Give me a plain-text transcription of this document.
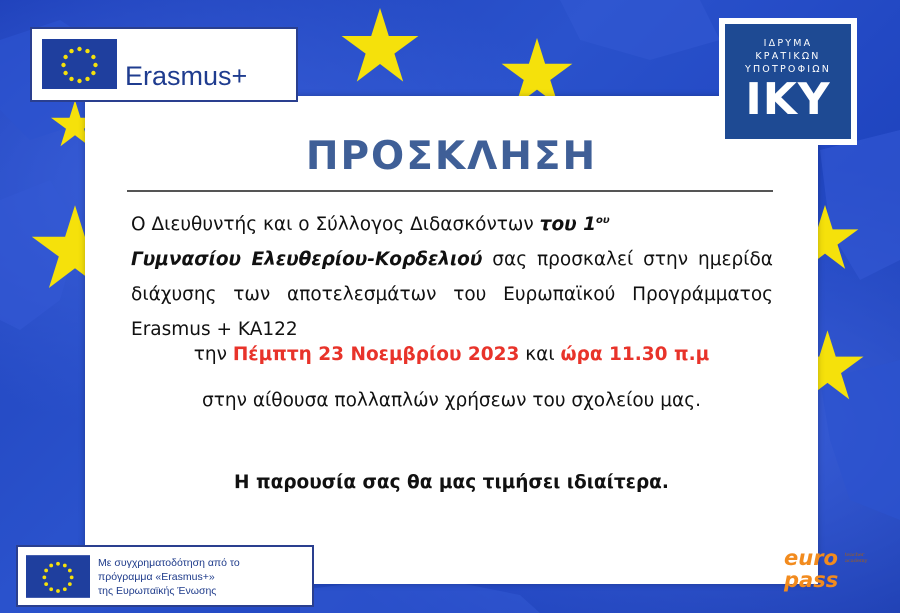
ΠΡΟΣΚΛΗΣΗ
Ο Διευθυντής και ο Σύλλογος Διδασκόντων του $1^{o\upsilon}$
Γυμνασίου Ελευθερίου-Κορδελιού σας προσκαλεί στην ημερίδα διάχυσης των αποτελεσμάτων του Ευρωπαϊκού Προγράμματος Erasmus + KA122
την Πέμπτη 23 Νοεμβρίου 2023 και ώρα 11.30 π.μ
στην αίθουσα πολλαπλών χρήσεων του σχολείου μας.
Η παρουσία σας θα μας τιμήσει ιδιαίτερα.
Erasmus+
ΙΔΡΥΜΑ
ΚΡΑΤΙΚΩΝ
ΥΠΟΤΡΟΦΙΩΝ
ΙΚΥ
Με συγχρηματοδότηση από το
πρόγραμμα «Erasmus+»
της Ευρωπαϊκής Ένωσης
euro
pass
teacher academy
